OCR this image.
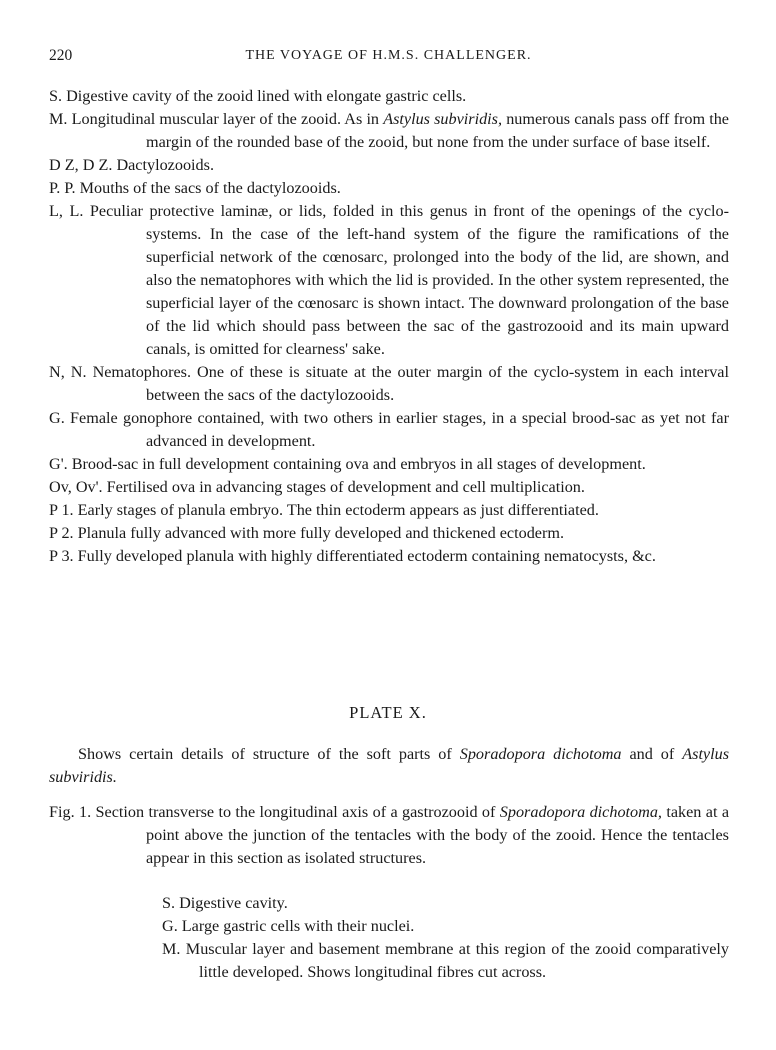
220	THE VOYAGE OF H.M.S. CHALLENGER.

S. Digestive cavity of the zooid lined with elongate gastric cells.

M. Longitudinal muscular layer of the zooid. As in Astylus subviridis, numerous canals pass off from the margin of the rounded base of the zooid, but none from the under surface of base itself.

D Z, D Z. Dactylozooids.

P. P. Mouths of the sacs of the dactylozooids.

L, L. Peculiar protective laminæ, or lids, folded in this genus in front of the openings of the cyclo-systems. In the case of the left-hand system of the figure the ramifications of the superficial network of the cœnosarc, prolonged into the body of the lid, are shown, and also the nematophores with which the lid is provided. In the other system represented, the superficial layer of the cœnosarc is shown intact. The downward prolongation of the base of the lid which should pass between the sac of the gastrozooid and its main upward canals, is omitted for clearness' sake.

N, N. Nematophores. One of these is situate at the outer margin of the cyclo-system in each interval between the sacs of the dactylozooids.

G. Female gonophore contained, with two others in earlier stages, in a special brood-sac as yet not far advanced in development.

G'. Brood-sac in full development containing ova and embryos in all stages of development.

Ov, Ov'. Fertilised ova in advancing stages of development and cell multiplication.

P 1. Early stages of planula embryo. The thin ectoderm appears as just differentiated.

P 2. Planula fully advanced with more fully developed and thickened ectoderm.

P 3. Fully developed planula with highly differentiated ectoderm containing nematocysts, &c.

PLATE X.

Shows certain details of structure of the soft parts of Sporadopora dichotoma and of Astylus subviridis.

Fig. 1. Section transverse to the longitudinal axis of a gastrozooid of Sporadopora dichotoma, taken at a point above the junction of the tentacles with the body of the zooid. Hence the tentacles appear in this section as isolated structures.

S. Digestive cavity.

G. Large gastric cells with their nuclei.

M. Muscular layer and basement membrane at this region of the zooid comparatively little developed. Shows longitudinal fibres cut across.
